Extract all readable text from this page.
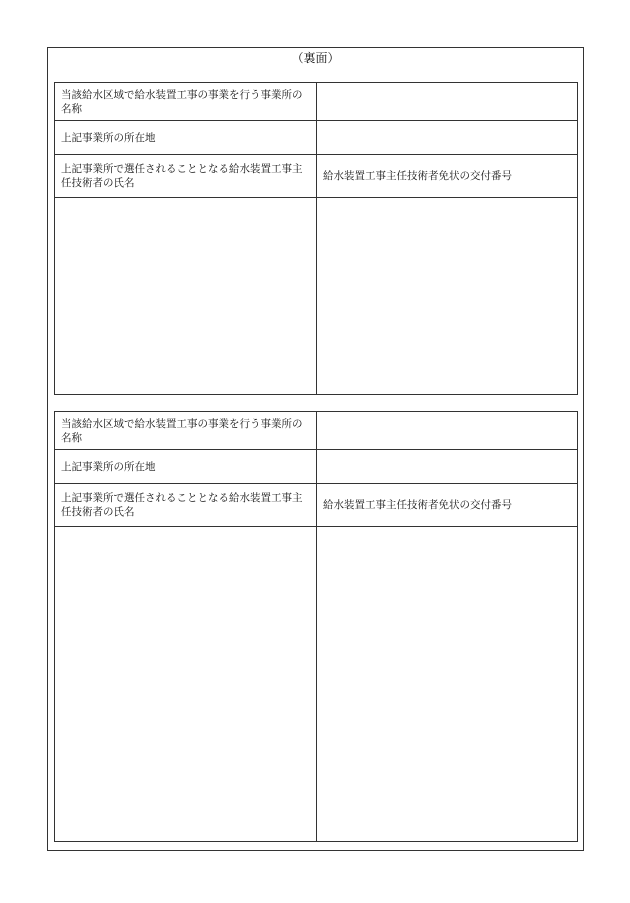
（裏面）
当該給水区域で給水装置工事の事業を行う事業所の名称
上記事業所の所在地
上記事業所で選任されることとなる給水装置工事主任技術者の氏名
給水装置工事主任技術者免状の交付番号
当該給水区域で給水装置工事の事業を行う事業所の名称
上記事業所の所在地
上記事業所で選任されることとなる給水装置工事主任技術者の氏名
給水装置工事主任技術者免状の交付番号
